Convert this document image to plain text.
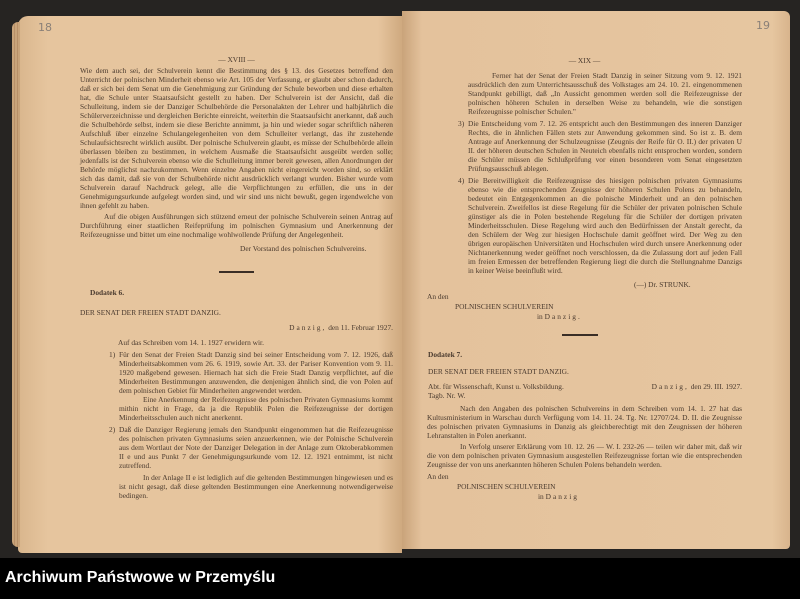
18	19
— XVIII —
Wie dem auch sei, der Schulverein kennt die Bestimmung des § 13. des Gesetzes betreffend den Unterricht der polnischen Minderheit ebenso wie Art. 105 der Verfassung, er glaubt aber schon dadurch, daß er sich bei dem Senat um die Genehmigung zur Gründung der Schule beworben und diese erhalten hat, die Schule unter Staatsaufsicht gestellt zu haben. Der Schulverein ist der Ansicht, daß die Schulleitung, indem sie der Danziger Schulbehörde die Personalakten der Lehrer und halbjährlich die Schülerverzeichnisse und dergleichen Berichte einreicht, weiterhin die Staatsaufsicht anerkannt, daß auch die Schulbehörde selbst, indem sie diese Berichte annimmt, ja hin und wieder sogar schriftlich näheren Aufschluß über einzelne Schulangelegenheiten von dem Schulleiter verlangt, das ihr zustehende Schulaufsichtsrecht wirklich ausübt. Der polnische Schulverein glaubt, es müsse der Schulbehörde allein überlassen bleiben zu bestimmen, in welchem Ausmaße die Staatsaufsicht ausgeübt werden solle; jedenfalls ist der Schulverein ebenso wie die Schulleitung immer bereit gewesen, allen Anordnungen der Behörde möglichst nachzukommen. Wenn einzelne Angaben nicht eingereicht worden sind, so erklärt sich das damit, daß sie von der Schulbehörde nicht ausdrücklich verlangt wurden. Bisher wurde vom Schulverein darauf Nachdruck gelegt, alle die Verpflichtungen zu erfüllen, die uns in der Genehmigungsurkunde aufgelegt worden sind, und wir sind uns nicht bewußt, gegen irgendwelche von ihnen gefehlt zu haben.
Auf die obigen Ausführungen sich stützend erneut der polnische Schulverein seinen Antrag auf Durchführung einer staatlichen Reifeprüfung im polnischen Gymnasium und Anerkennung der Reifezeugnisse und bittet um eine nochmalige wohlwollende Prüfung der Angelegenheit.
Der Vorstand des polnischen Schulvereins.
Dodatek 6.
DER SENAT DER FREIEN STADT DANZIG.
Danzig, den 11. Februar 1927.
Auf das Schreiben vom 14. 1. 1927 erwidern wir.
1) Für den Senat der Freien Stadt Danzig sind bei seiner Entscheidung vom 7. 12. 1926, daß Minderheitsabkommen vom 26. 6. 1919, sowie Art. 33. der Pariser Konvention vom 9. 11. 1920 maßgebend gewesen. Hiernach hat sich die Freie Stadt Danzig verpflichtet, auf die Minderheiten Bestimmungen anzuwenden, die denjenigen ähnlich sind, die von Polen auf dem polnischen Gebiet für Minderheiten angewendet werden.
Eine Anerkennung der Reifezeugnisse des polnischen Privaten Gymnasiums kommt mithin nicht in Frage, da ja die Republik Polen die Reifezeugnisse der dortigen Minderheitsschulen auch nicht anerkennt.
2) Daß die Danziger Regierung jemals den Standpunkt eingenommen hat die Reifezeugnisse des polnischen privaten Gymnasiums seien anzuerkennen, wie der Polnische Schulverein aus dem Wortlaut der Note der Danziger Delegation in der Anlage zum Oktoberabkommen II e und aus Punkt 7 der Genehmigungsurkunde vom 12. 12. 1921 entnimmt, ist nicht zutreffend.
In der Anlage II e ist lediglich auf die geltenden Bestimmungen hingewiesen und es ist nicht gesagt, daß diese geltenden Bestimmungen eine Anerkennung notwendigerweise bedingen.
— XIX —
Ferner hat der Senat der Freien Stadt Danzig in seiner Sitzung vom 9. 12. 1921 ausdrücklich den zum Unterrichtsausschuß des Volkstages am 24. 10. 21. eingenommenen Standpunkt gebilligt, daß „In Aussicht genommen werden soll die Reifezeugnisse der polnischen höheren Schulen in derselben Weise zu behandeln, wie die sonstigen Reifezeugnisse polnischer Schulen."
3) Die Entscheidung vom 7. 12. 26 entspricht auch den Bestimmungen des inneren Danziger Rechts, die in ähnlichen Fällen stets zur Anwendung gekommen sind. So ist z. B. dem Antrage auf Anerkennung der Schulzeugnisse (Zeugnis der Reife für O. II.) der privaten U II. der höheren deutschen Schulen in Neuteich ebenfalls nicht entsprochen worden, sondern die Schüler müssen die Schlußprüfung vor einen besonderen vom Senat eingesetzten Prüfungsausschuß ablegen.
4) Die Bereitwilligkeit die Reifezeugnisse des hiesigen polnischen privaten Gymnasiums ebenso wie die entsprechenden Zeugnisse der höheren Schulen Polens zu behandeln, bedeutet ein Entgegenkommen an die polnische Minderheit und an den polnischen Schulverein. Zweifellos ist diese Regelung für die Schüler der privaten polnischen Schule günstiger als die in Polen bestehende Regelung für die Schüler der dortigen privaten Minderheitsschulen. Diese Regelung wird auch den Bedürfnissen der Anstalt gerecht, da den Schülern der Weg zur hiesigen Hochschule damit geöffnet wird. Der Weg zu den übrigen europäischen Universitäten und Hochschulen wird durch unsere Anerkennung oder Nichtanerkennung weder geöffnet noch verschlossen, da die Zulassung dort auf jeden Fall im freien Ermessen der betreffenden Regierung liegt die durch die Stellungnahme Danzigs in keiner Weise beeinflußt wird.
(—) Dr. STRUNK.
An den
POLNISCHEN SCHULVEREIN
in Danzig.
Dodatek 7.
DER SENAT DER FREIEN STADT DANZIG.
Abt. für Wissenschaft, Kunst u. Volksbildung.
Tagb. Nr. W.
Danzig, den 29. III. 1927.
Nach den Angaben des polnischen Schulvereins in dem Schreiben vom 14. 1. 27 hat das Kultusministerium in Warschau durch Verfügung vom 14. 11. 24. Tg. Nr. 12707/24. D. II. die Zeugnisse des polnischen privaten Gymnasiums in Danzig als gleichberechtigt mit den Zeugnissen der höheren Lehranstalten in Polen anerkannt.
In Verfolg unserer Erklärung vom 10. 12. 26 — W. I. 232-26 — teilen wir daher mit, daß wir die von dem polnischen privaten Gymnasium ausgestellen Reifezeugnisse fortan wie die entsprechenden Zeugnisse der von uns anerkannten höheren Schulen Polens behandeln werden.
An den
POLNISCHEN SCHULVEREIN
in Danzig
Archiwum Państwowe w Przemyślu
